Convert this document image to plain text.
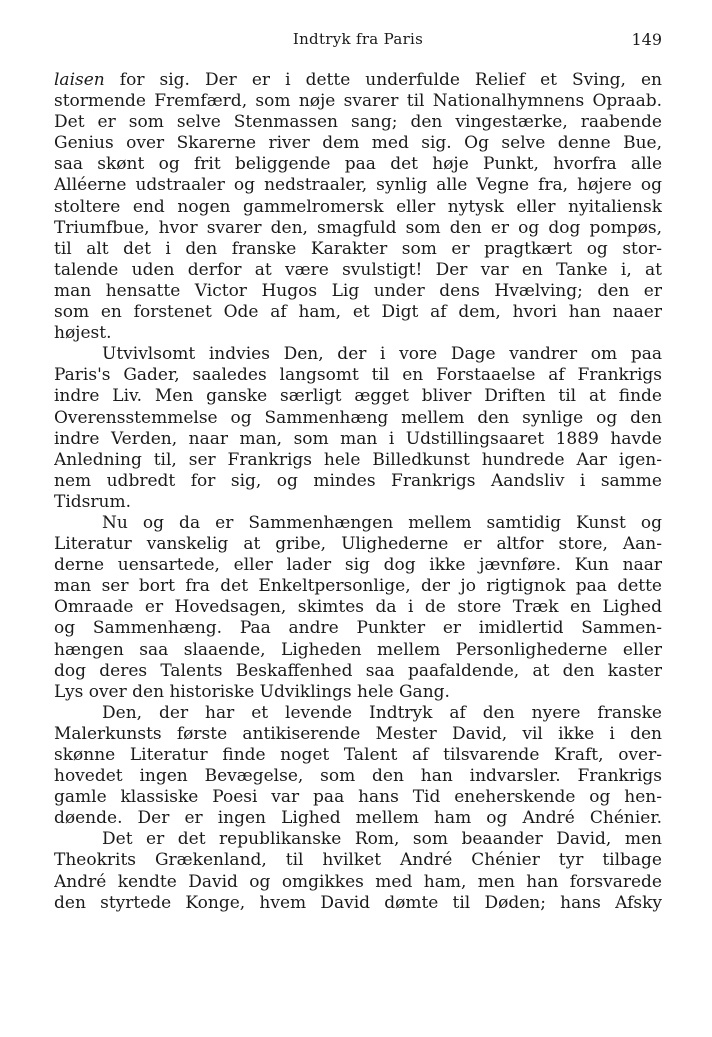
Indtryk fra Paris	149

laisen for sig. Der er i dette underfulde Relief et Sving, en
stormende Fremfærd, som nøje svarer til Nationalhymnens Opraab.
Det er som selve Stenmassen sang; den vingestærke, raabende
Genius over Skarerne river dem med sig. Og selve denne Bue,
saa skønt og frit beliggende paa det høje Punkt, hvorfra alle
Alléerne udstraaler og nedstraaler, synlig alle Vegne fra, højere og
stoltere end nogen gammelromersk eller nytysk eller nyitaliensk
Triumfbue, hvor svarer den, smagfuld som den er og dog pompøs,
til alt det i den franske Karakter som er pragtkært og stor-
talende uden derfor at være svulstigt! Der var en Tanke i, at
man hensatte Victor Hugos Lig under dens Hvælving; den er
som en forstenet Ode af ham, et Digt af dem, hvori han naaer
højest.

Utvivlsomt indvies Den, der i vore Dage vandrer om paa
Paris's Gader, saaledes langsomt til en Forstaaelse af Frankrigs
indre Liv. Men ganske særligt ægget bliver Driften til at finde
Overensstemmelse og Sammenhæng mellem den synlige og den
indre Verden, naar man, som man i Udstillingsaaret 1889 havde
Anledning til, ser Frankrigs hele Billedkunst hundrede Aar igen-
nem udbredt for sig, og mindes Frankrigs Aandsliv i samme
Tidsrum.

Nu og da er Sammenhængen mellem samtidig Kunst og
Literatur vanskelig at gribe, Ulighederne er altfor store, Aan-
derne uensartede, eller lader sig dog ikke jævnføre. Kun naar
man ser bort fra det Enkeltpersonlige, der jo rigtignok paa dette
Omraade er Hovedsagen, skimtes da i de store Træk en Lighed
og Sammenhæng. Paa andre Punkter er imidlertid Sammen-
hængen saa slaaende, Ligheden mellem Personlighederne eller
dog deres Talents Beskaffenhed saa paafaldende, at den kaster
Lys over den historiske Udviklings hele Gang.

Den, der har et levende Indtryk af den nyere franske
Malerkunsts første antikiserende Mester David, vil ikke i den
skønne Literatur finde noget Talent af tilsvarende Kraft, over-
hovedet ingen Bevægelse, som den han indvarsler. Frankrigs
gamle klassiske Poesi var paa hans Tid eneherskende og hen-
døende. Der er ingen Lighed mellem ham og André Chénier.

Det er det republikanske Rom, som beaander David, men
Theokrits Grækenland, til hvilket André Chénier tyr tilbage
André kendte David og omgikkes med ham, men han forsvarede
den styrtede Konge, hvem David dømte til Døden; hans Afsky
